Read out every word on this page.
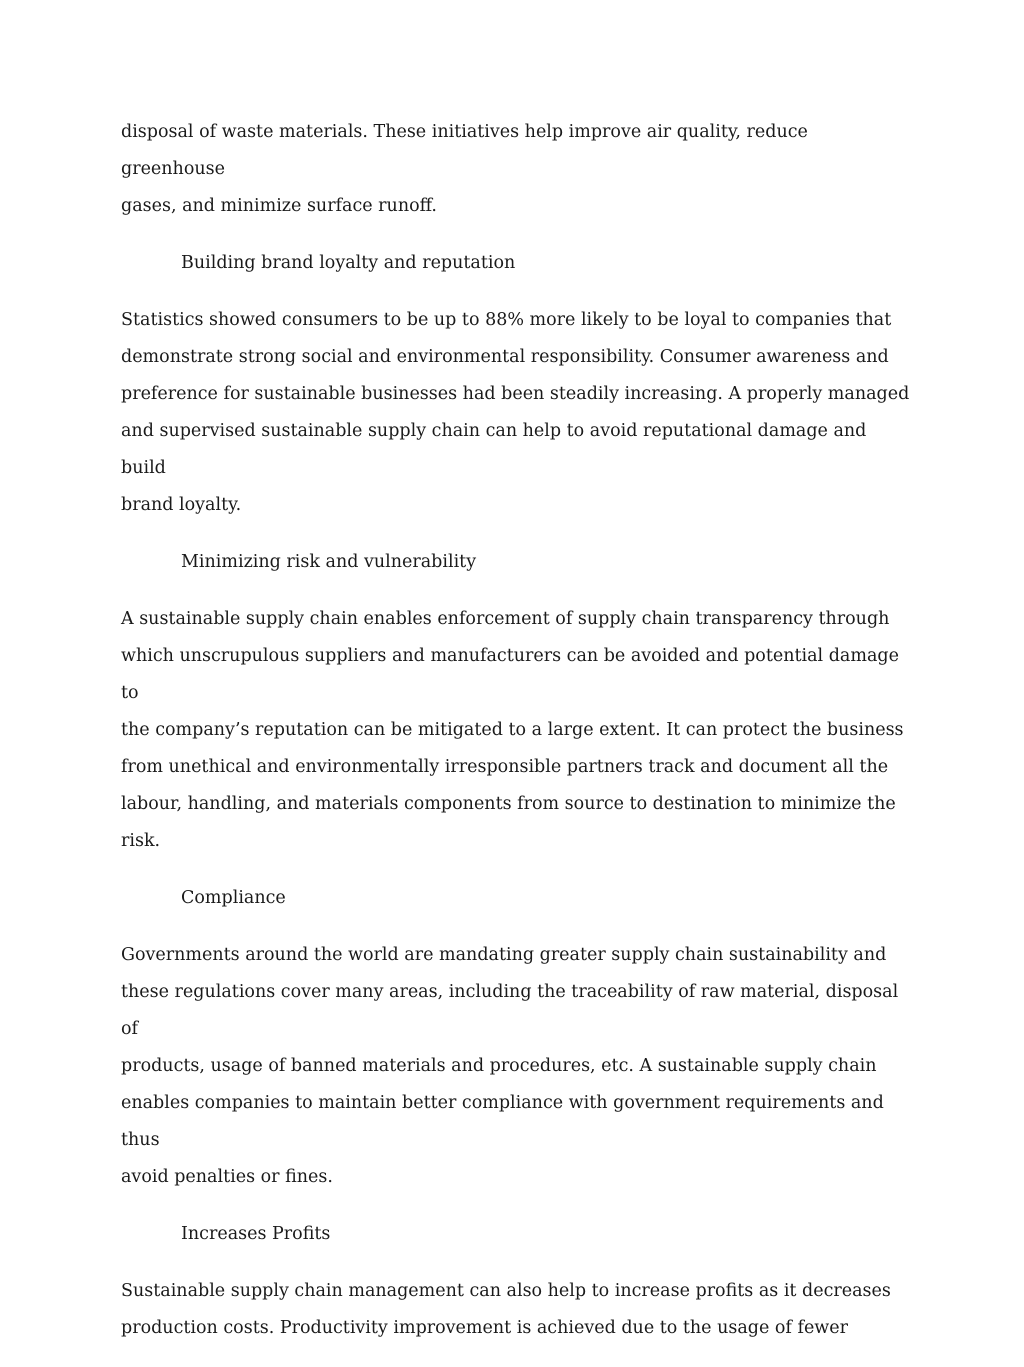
disposal of waste materials. These initiatives help improve air quality, reduce greenhouse
gases, and minimize surface runoff.

Building brand loyalty and reputation

Statistics showed consumers to be up to 88% more likely to be loyal to companies that
demonstrate strong social and environmental responsibility. Consumer awareness and
preference for sustainable businesses had been steadily increasing. A properly managed
and supervised sustainable supply chain can help to avoid reputational damage and build
brand loyalty.

Minimizing risk and vulnerability

A sustainable supply chain enables enforcement of supply chain transparency through
which unscrupulous suppliers and manufacturers can be avoided and potential damage to
the company’s reputation can be mitigated to a large extent. It can protect the business
from unethical and environmentally irresponsible partners track and document all the
labour, handling, and materials components from source to destination to minimize the
risk.

Compliance

Governments around the world are mandating greater supply chain sustainability and
these regulations cover many areas, including the traceability of raw material, disposal of
products, usage of banned materials and procedures, etc. A sustainable supply chain
enables companies to maintain better compliance with government requirements and thus
avoid penalties or fines.

Increases Profits

Sustainable supply chain management can also help to increase profits as it decreases
production costs. Productivity improvement is achieved due to the usage of fewer
